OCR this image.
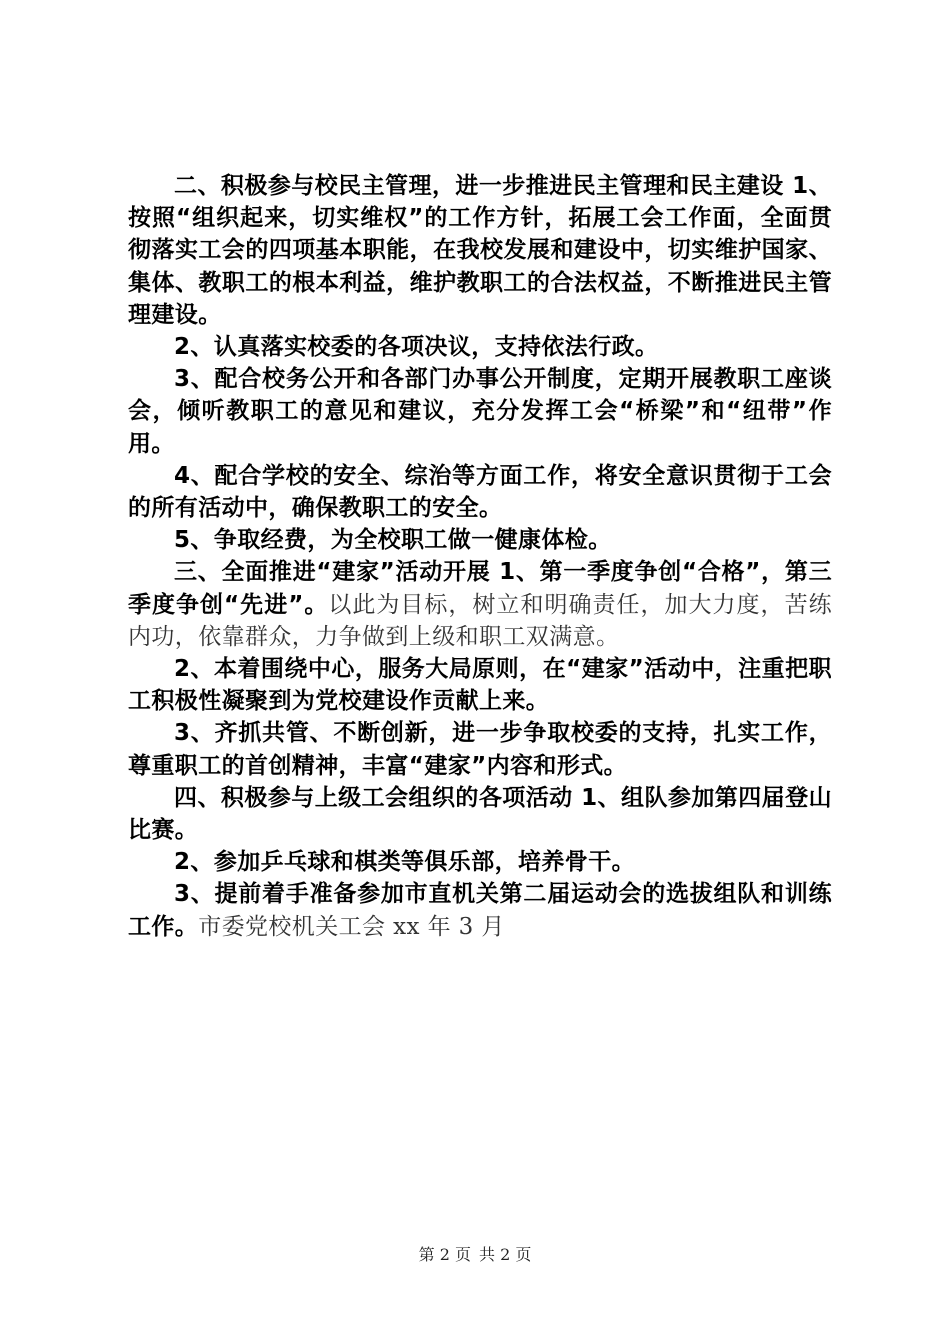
二、积极参与校民主管理，进一步推进民主管理和民主建设 1、按照“组织起来，切实维权”的工作方针，拓展工会工作面，全面贯彻落实工会的四项基本职能，在我校发展和建设中，切实维护国家、集体、教职工的根本利益，维护教职工的合法权益，不断推进民主管理建设。

2、认真落实校委的各项决议，支持依法行政。

3、配合校务公开和各部门办事公开制度，定期开展教职工座谈会，倾听教职工的意见和建议，充分发挥工会“桥梁”和“纽带”作用。

4、配合学校的安全、综治等方面工作，将安全意识贯彻于工会的所有活动中，确保教职工的安全。

5、争取经费，为全校职工做一健康体检。

三、全面推进“建家”活动开展 1、第一季度争创“合格”，第三季度争创“先进”。以此为目标，树立和明确责任，加大力度，苦练内功，依靠群众，力争做到上级和职工双满意。

2、本着围绕中心，服务大局原则，在“建家”活动中，注重把职工积极性凝聚到为党校建设作贡献上来。

3、齐抓共管、不断创新，进一步争取校委的支持，扎实工作，尊重职工的首创精神，丰富“建家”内容和形式。

四、积极参与上级工会组织的各项活动 1、组队参加第四届登山比赛。

2、参加乒乓球和棋类等俱乐部，培养骨干。

3、提前着手准备参加市直机关第二届运动会的选拔组队和训练工作。市委党校机关工会 xx 年 3 月

第 2 页 共 2 页
